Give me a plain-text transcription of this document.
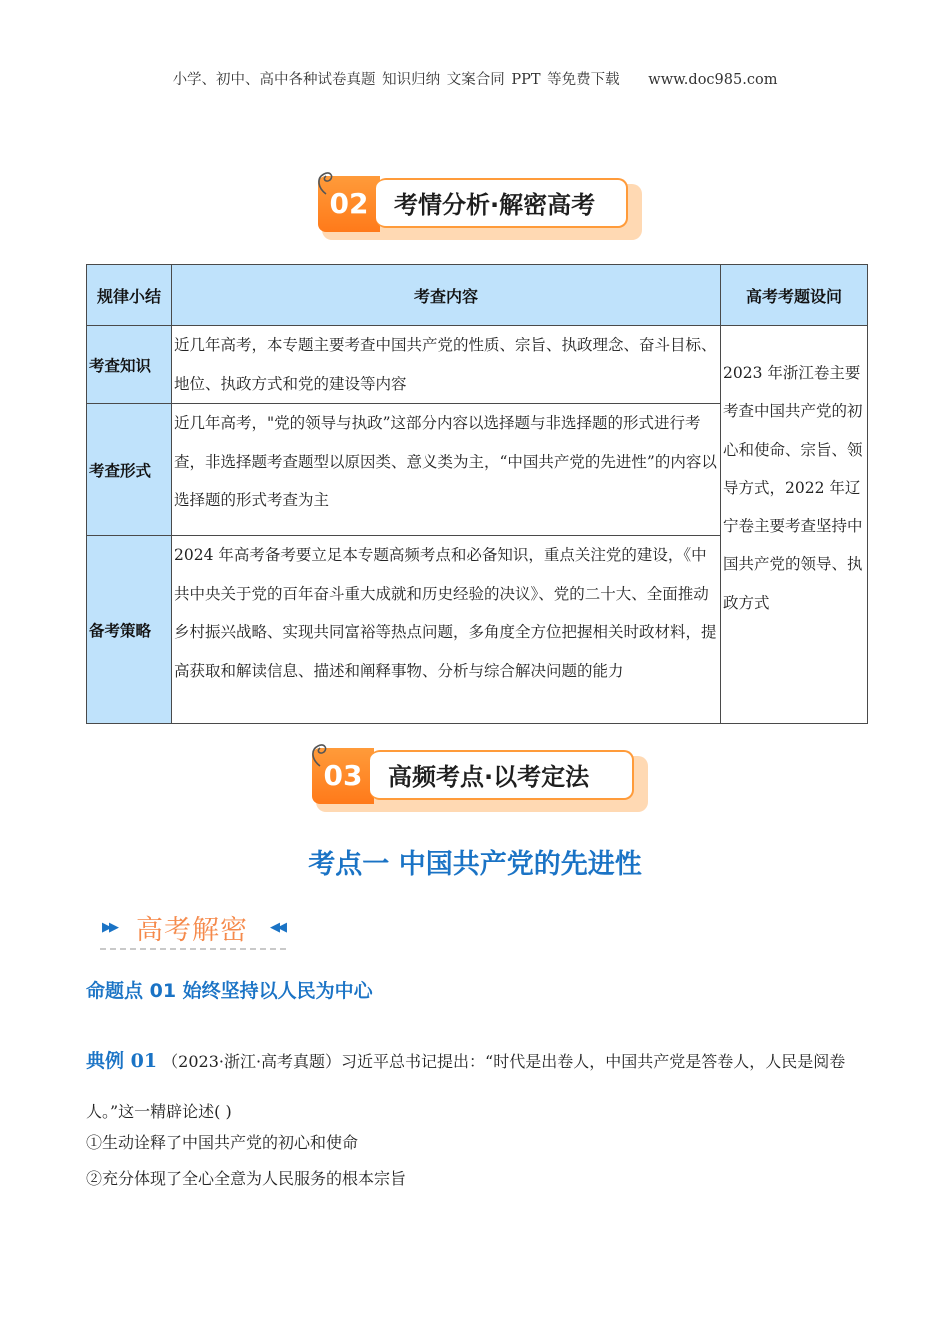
小学、初中、高中各种试卷真题 知识归纳 文案合同 PPT 等免费下载 www.doc985.com
02	考情分析·解密高考
规律小结	考查内容	高考考题设问
考查知识	近几年高考，本专题主要考查中国共产党的性质、宗旨、执政理念、奋斗目标、地位、执政方式和党的建设等内容	2023 年浙江卷主要考查中国共产党的初心和使命、宗旨、领导方式，2022 年辽宁卷主要考查坚持中国共产党的领导、执政方式
考查形式	近几年高考，"党的领导与执政”这部分内容以选择题与非选择题的形式进行考查，非选择题考查题型以原因类、意义类为主，“中国共产党的先进性”的内容以选择题的形式考查为主	
备考策略	2024 年高考备考要立足本专题高频考点和必备知识，重点关注党的建设，《中共中央关于党的百年奋斗重大成就和历史经验的决议》、党的二十大、全面推动乡村振兴战略、实现共同富裕等热点问题，多角度全方位把握相关时政材料，提高获取和解读信息、描述和阐释事物、分析与综合解决问题的能力	
03	高频考点·以考定法
考点一 中国共产党的先进性
▶▶ 高考解密 ◀◀
命题点 01 始终坚持以人民为中心
典例 01 （2023·浙江·高考真题）习近平总书记提出：“时代是出卷人，中国共产党是答卷人，人民是阅卷人。”这一精辟论述( )
①生动诠释了中国共产党的初心和使命
②充分体现了全心全意为人民服务的根本宗旨
